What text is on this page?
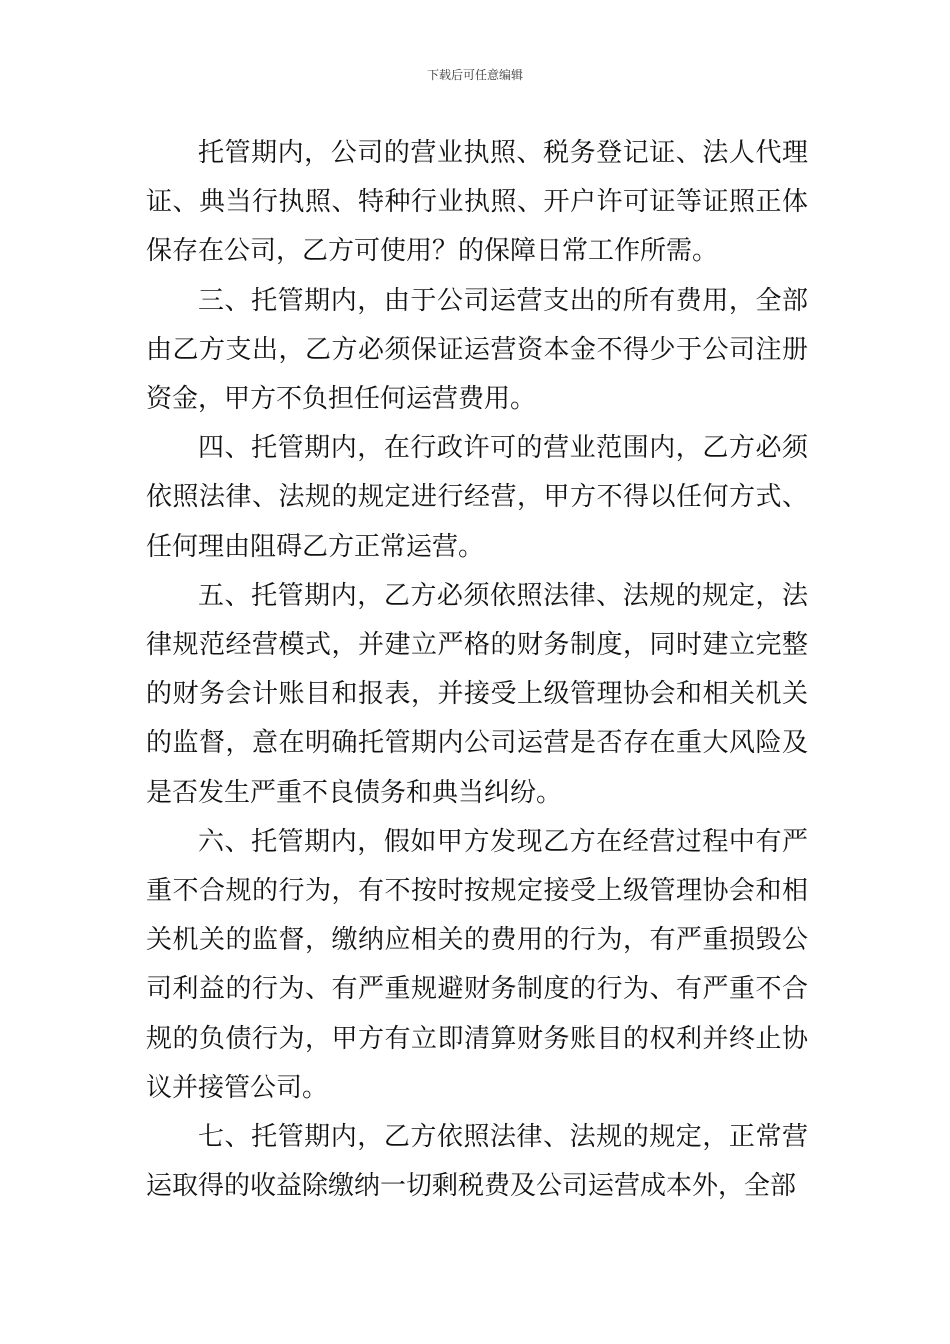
下载后可任意编辑

托管期内，公司的营业执照、税务登记证、法人代理证、典当行执照、特种行业执照、开户许可证等证照正体保存在公司，乙方可使用？的保障日常工作所需。

三、托管期内，由于公司运营支出的所有费用，全部由乙方支出，乙方必须保证运营资本金不得少于公司注册资金，甲方不负担任何运营费用。

四、托管期内，在行政许可的营业范围内，乙方必须依照法律、法规的规定进行经营，甲方不得以任何方式、任何理由阻碍乙方正常运营。

五、托管期内，乙方必须依照法律、法规的规定，法律规范经营模式，并建立严格的财务制度，同时建立完整的财务会计账目和报表，并接受上级管理协会和相关机关的监督，意在明确托管期内公司运营是否存在重大风险及是否发生严重不良债务和典当纠纷。

六、托管期内，假如甲方发现乙方在经营过程中有严重不合规的行为，有不按时按规定接受上级管理协会和相关机关的监督，缴纳应相关的费用的行为，有严重损毁公司利益的行为、有严重规避财务制度的行为、有严重不合规的负债行为，甲方有立即清算财务账目的权利并终止协议并接管公司。

七、托管期内，乙方依照法律、法规的规定，正常营运取得的收益除缴纳一切剩税费及公司运营成本外，全部
